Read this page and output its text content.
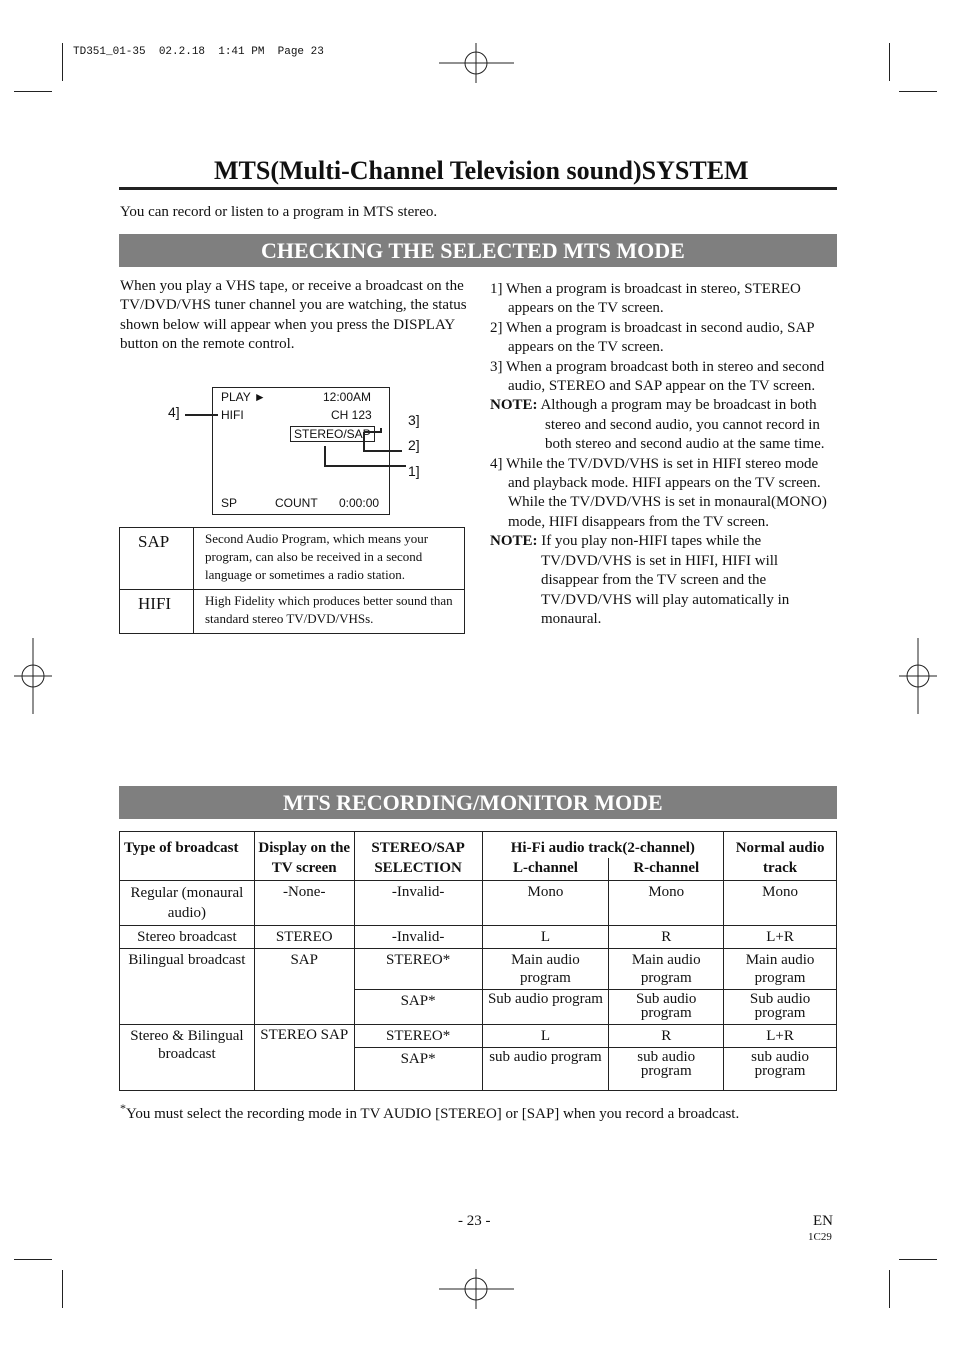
TD351_01-35  02.2.18  1:41 PM  Page 23
MTS(Multi-Channel Television sound)SYSTEM
You can record or listen to a program in MTS stereo.
CHECKING THE SELECTED MTS MODE
When you play a VHS tape, or receive a broadcast on the TV/DVD/VHS tuner channel you are watching, the status shown below will appear when you press the DISPLAY button on the remote control.
PLAY ►	12:00AM
HIFI	CH 123
STEREO/SAP
SP	COUNT 0:00:00
4]	3]
2]
1]
SAP	Second Audio Program, which means your program, can also be received in a second language or sometimes a radio station.
HIFI	High Fidelity which produces better sound than standard stereo TV/DVD/VHSs.

1] When a program is broadcast in stereo, STEREO appears on the TV screen.

2] When a program is broadcast in second audio, SAP appears on the TV screen.

3] When a program broadcast both in stereo and second audio, STEREO and SAP appear on the TV screen.

NOTE: Although a program may be broadcast in both stereo and second audio, you cannot record in both stereo and second audio at the same time.

4] While the TV/DVD/VHS is set in HIFI stereo mode and playback mode. HIFI appears on the TV screen. While the TV/DVD/VHS is set in monaural(MONO) mode, HIFI disappears from the TV screen.

NOTE: If you play non-HIFI tapes while the TV/DVD/VHS is set in HIFI, HIFI will disappear from the TV screen and the TV/DVD/VHS will play automatically in monaural.

MTS RECORDING/MONITOR MODE
Type of broadcast	Display on the TV screen	STEREO/SAP SELECTION	Hi-Fi audio track(2-channel)		Normal audio track
			L-channel	R-channel	
Regular (monaural audio)	-None-	-Invalid-	Mono	Mono	Mono
Stereo broadcast	STEREO	-Invalid-	L	R	L+R
Bilingual broadcast	SAP	STEREO*	Main audio program	Main audio program	Main audio program
		SAP*	Sub audio program	Sub audio program	Sub audio program
Stereo & Bilingual broadcast	STEREO SAP	STEREO*	L	R	L+R
		SAP*	sub audio program	sub audio program	sub audio program
*You must select the recording mode in TV AUDIO [STEREO] or [SAP] when you record a broadcast.
- 23 -	EN
1C29
